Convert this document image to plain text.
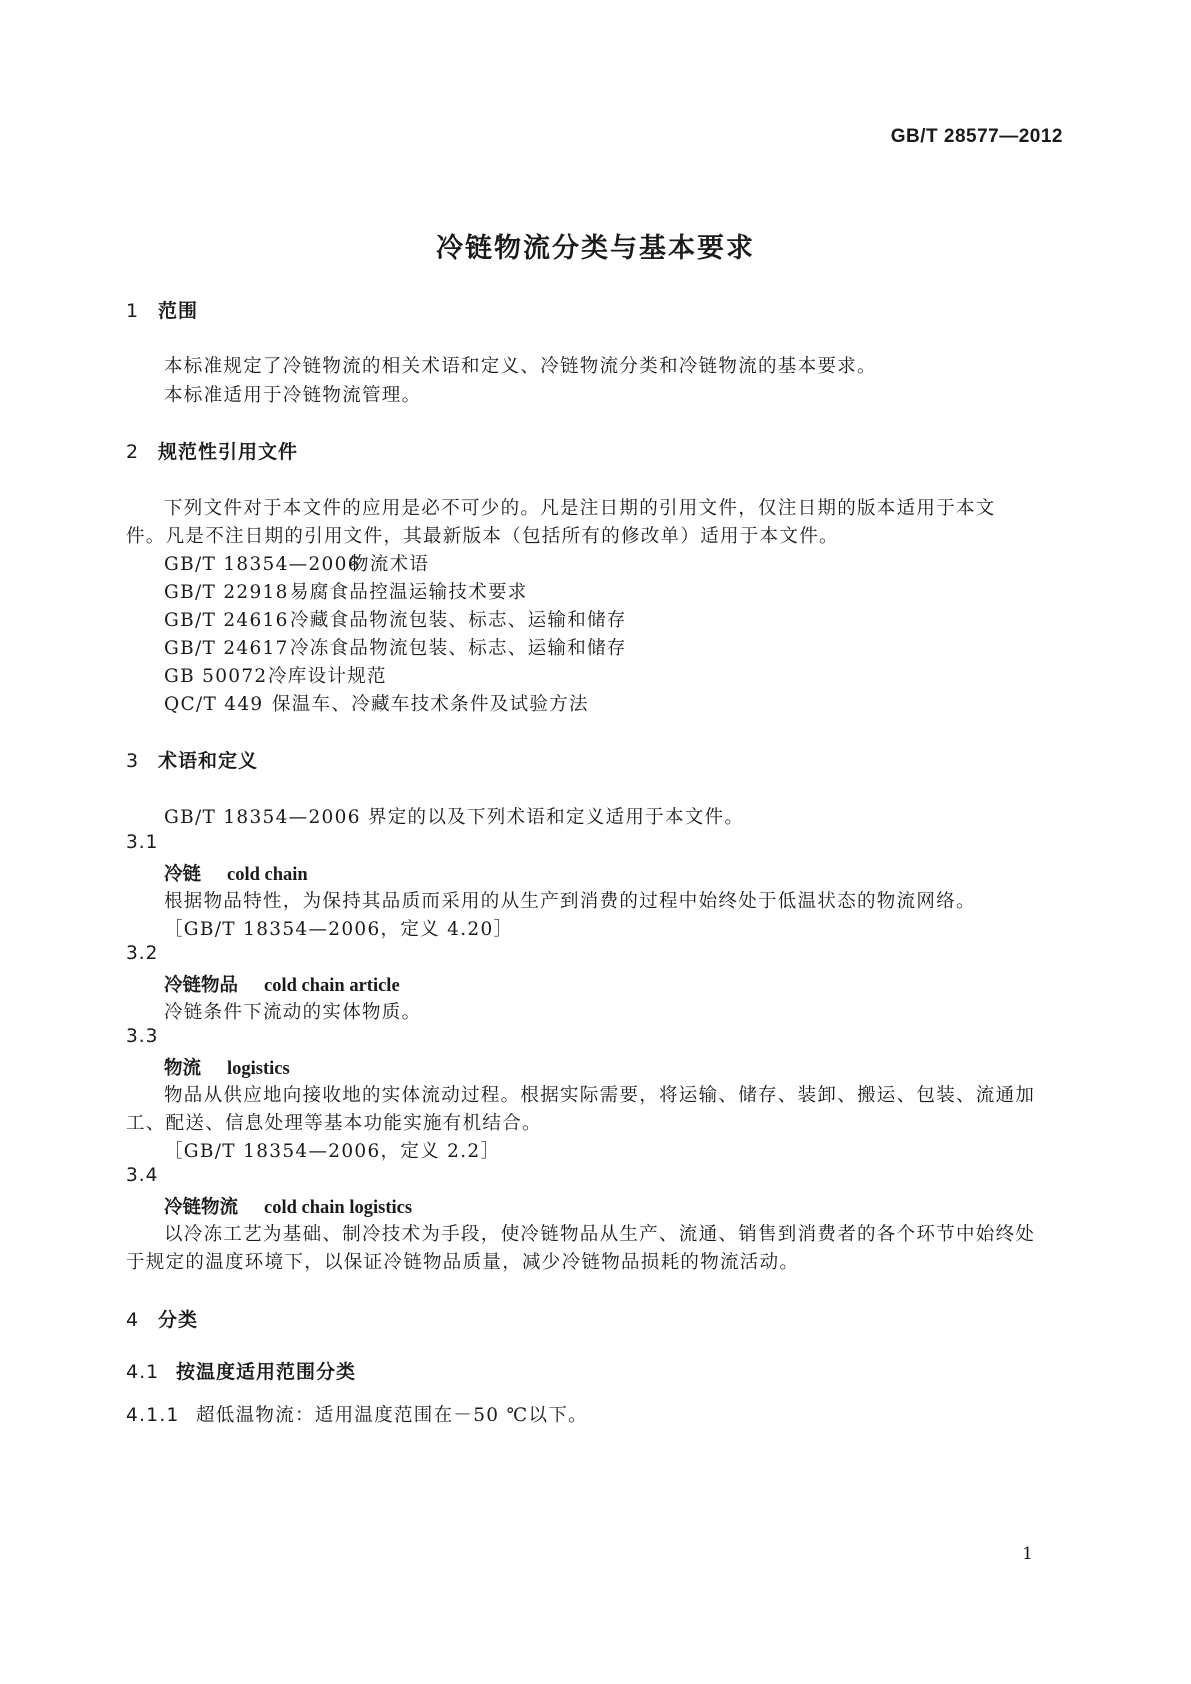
GB/T 28577—2012
冷链物流分类与基本要求
1 范围
本标准规定了冷链物流的相关术语和定义、冷链物流分类和冷链物流的基本要求。
本标准适用于冷链物流管理。
2 规范性引用文件
下列文件对于本文件的应用是必不可少的。凡是注日期的引用文件，仅注日期的版本适用于本文
件。凡是不注日期的引用文件，其最新版本（包括所有的修改单）适用于本文件。
GB/T 18354—2006物流术语
GB/T 22918易腐食品控温运输技术要求
GB/T 24616冷藏食品物流包装、标志、运输和储存
GB/T 24617冷冻食品物流包装、标志、运输和储存
GB 50072冷库设计规范
QC/T 449 保温车、冷藏车技术条件及试验方法
3 术语和定义
GB/T 18354—2006 界定的以及下列术语和定义适用于本文件。
3.1
冷链 cold chain
根据物品特性，为保持其品质而采用的从生产到消费的过程中始终处于低温状态的物流网络。
［GB/T 18354—2006，定义 4.20］
3.2
冷链物品 cold chain article
冷链条件下流动的实体物质。
3.3
物流 logistics
物品从供应地向接收地的实体流动过程。根据实际需要，将运输、储存、装卸、搬运、包装、流通加
工、配送、信息处理等基本功能实施有机结合。
［GB/T 18354—2006，定义 2.2］
3.4
冷链物流 cold chain logistics
以冷冻工艺为基础、制冷技术为手段，使冷链物品从生产、流通、销售到消费者的各个环节中始终处
于规定的温度环境下，以保证冷链物品质量，减少冷链物品损耗的物流活动。
4 分类
4.1 按温度适用范围分类
4.1.1 超低温物流：适用温度范围在－50 ℃以下。
1
